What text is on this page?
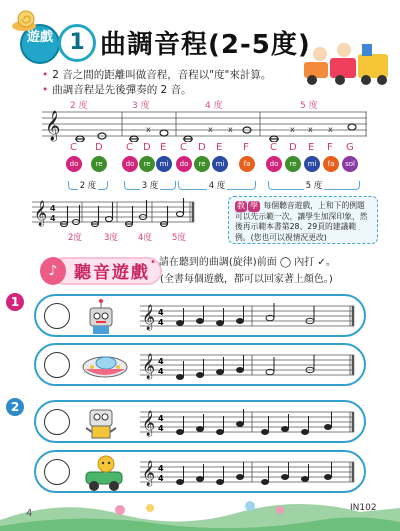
遊戲 1 曲調音程(2-5度)
• 2 音之間的距離叫做音程，音程以"度"來計算。
• 曲調音程是先後彈奏的 2 音。
2 度	3 度	4 度	5 度
𝄞	x	x x	x x x
C D C D E C D E F C D E F G
do	re	do	re	mi	do	re	mi	fa	do	re	mi	fa	sol
2 度	3 度	4 度	5 度
𝄞 4
4
2度	3度 4度 5度
教 學 每個聽音遊戲，上和下的例題可以先示範一次，讓學生加深印象，然後再示範本書第28、29頁的建議範例。(您也可以視情況更改)
聽音遊戲
♪
• 請在聽到的曲調(旋律)前面 ◯ 內打 ✓。
(全書每個遊戲，都可以回家著上顏色。)
1
𝄞 4
4
𝄞 4
4
2
𝄞 4
4
𝄞 4
4
4	IN102
